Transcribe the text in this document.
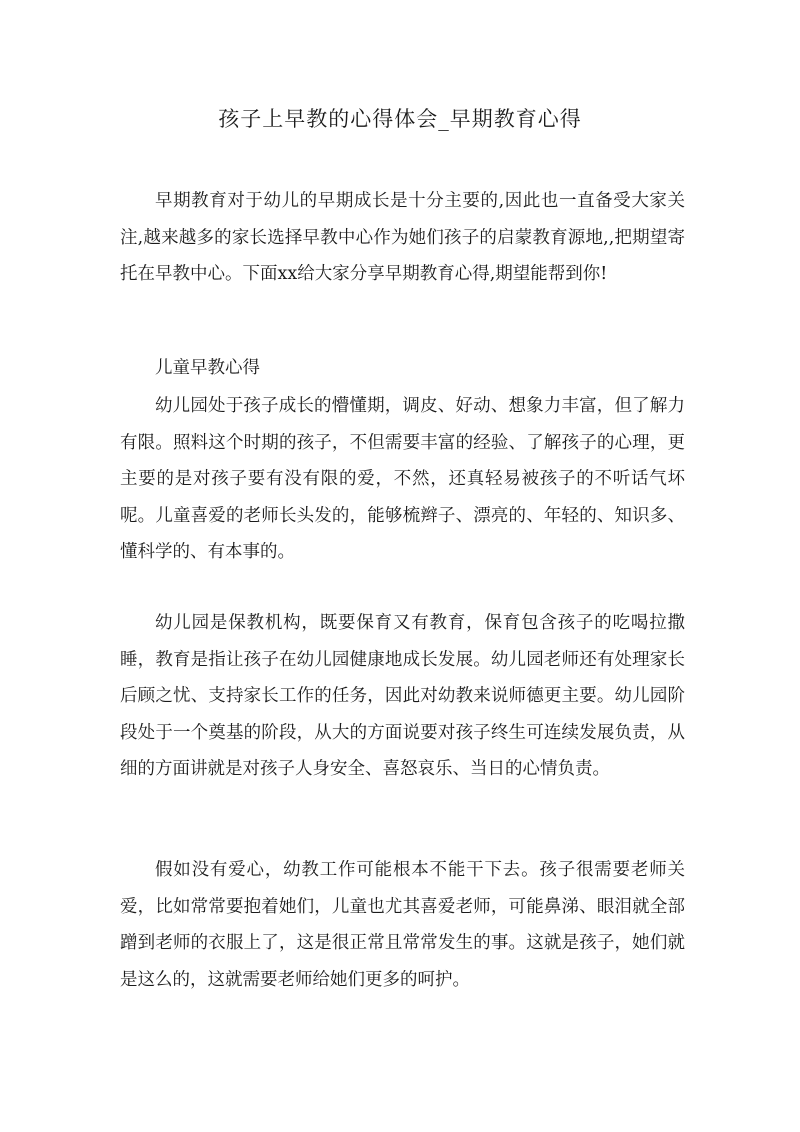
孩子上早教的心得体会_早期教育心得

早期教育对于幼儿的早期成长是十分主要的,因此也一直备受大家关注,越来越多的家长选择早教中心作为她们孩子的启蒙教育源地,,把期望寄托在早教中心。下面xx给大家分享早期教育心得,期望能帮到你!

儿童早教心得

幼儿园处于孩子成长的懵懂期，调皮、好动、想象力丰富，但了解力有限。照料这个时期的孩子，不但需要丰富的经验、了解孩子的心理，更主要的是对孩子要有没有限的爱，不然，还真轻易被孩子的不听话气坏呢。儿童喜爱的老师长头发的，能够梳辫子、漂亮的、年轻的、知识多、懂科学的、有本事的。

幼儿园是保教机构，既要保育又有教育，保育包含孩子的吃喝拉撒睡，教育是指让孩子在幼儿园健康地成长发展。幼儿园老师还有处理家长后顾之忧、支持家长工作的任务，因此对幼教来说师德更主要。幼儿园阶段处于一个奠基的阶段，从大的方面说要对孩子终生可连续发展负责，从细的方面讲就是对孩子人身安全、喜怒哀乐、当日的心情负责。

假如没有爱心，幼教工作可能根本不能干下去。孩子很需要老师关爱，比如常常要抱着她们，儿童也尤其喜爱老师，可能鼻涕、眼泪就全部蹭到老师的衣服上了，这是很正常且常常发生的事。这就是孩子，她们就是这么的，这就需要老师给她们更多的呵护。
